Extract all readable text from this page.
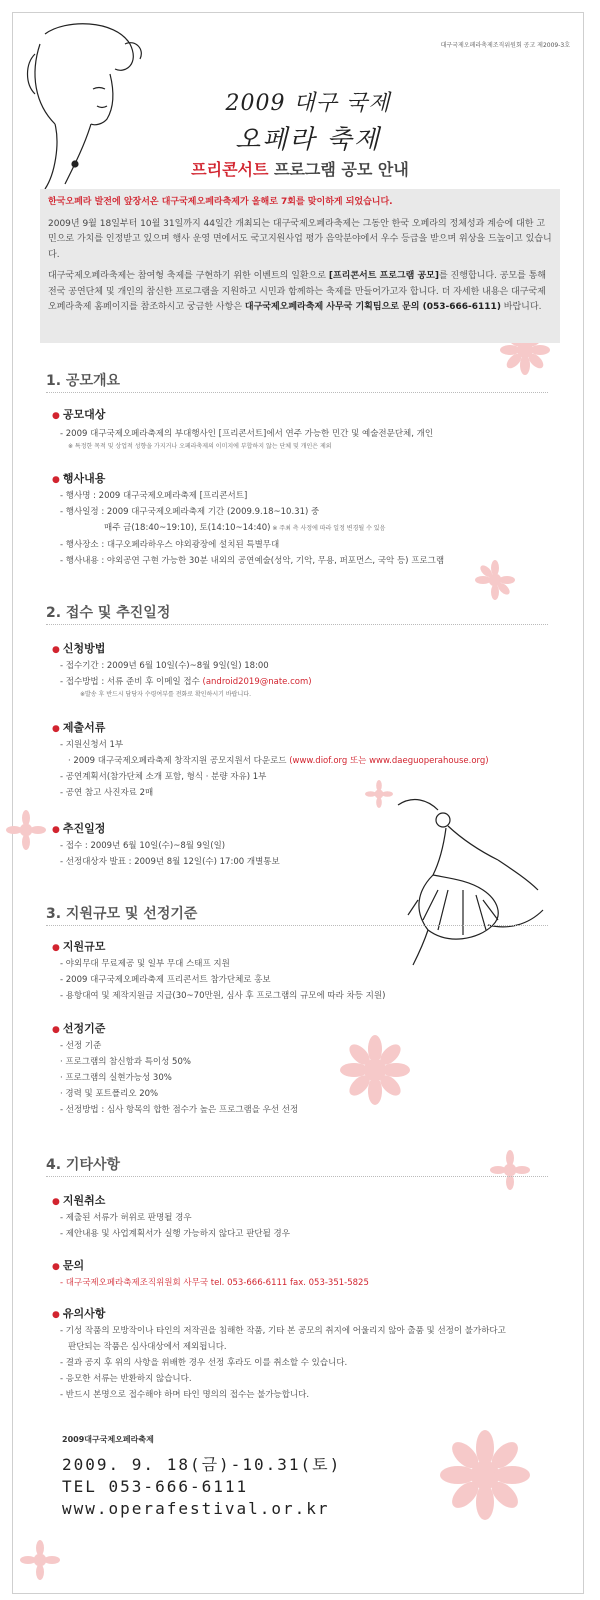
대구국제오페라축제조직위원회 공고 제2009-3호
2009 대구 국제
오페라 축제
프리콘서트 프로그램 공모 안내

한국오페라 발전에 앞장서온 대구국제오페라축제가 올해로 7회를 맞이하게 되었습니다.

2009년 9월 18일부터 10월 31일까지 44일간 개최되는 대구국제오페라축제는 그동안 한국 오페라의 정체성과 계승에 대한 고민으로 가치를 인정받고 있으며 행사 운영 면에서도 국고지원사업 평가 음악분야에서 우수 등급을 받으며 위상을 드높이고 있습니다.

대구국제오페라축제는 참여형 축제를 구현하기 위한 이벤트의 일환으로 [프리콘서트 프로그램 공모]를 진행합니다. 공모를 통해 전국 공연단체 및 개인의 참신한 프로그램을 지원하고 시민과 함께하는 축제를 만들어가고자 합니다. 더 자세한 내용은 대구국제오페라축제 홈페이지를 참조하시고 궁금한 사항은 대구국제오페라축제 사무국 기획팀으로 문의 (053-666-6111) 바랍니다.

1. 공모개요
● 공모대상
- 2009 대구국제오페라축제의 부대행사인 [프리콘서트]에서 연주 가능한 민간 및 예술전문단체, 개인
※ 특정한 목적 및 상업적 성향을 가지거나 오페라축제의 이미지에 부합하지 않는 단체 및 개인은 제외
● 행사내용
- 행사명 : 2009 대구국제오페라축제 [프리콘서트]
- 행사일정 : 2009 대구국제오페라축제 기간 (2009.9.18~10.31) 중
매주 금(18:40~19:10), 토(14:10~14:40) ※ 주최 측 사정에 따라 일정 변경될 수 있음
- 행사장소 : 대구오페라하우스 야외광장에 설치된 특별무대
- 행사내용 : 야외공연 구현 가능한 30분 내외의 공연예술(성악, 기악, 무용, 퍼포먼스, 국악 등) 프로그램
2. 접수 및 추진일정
● 신청방법
- 접수기간 : 2009년 6월 10일(수)~8월 9일(일) 18:00
- 접수방법 : 서류 준비 후 이메일 접수 (android2019@nate.com)
※발송 후 반드시 담당자 수령여부를 전화로 확인하시기 바랍니다.
● 제출서류
- 지원신청서 1부
· 2009 대구국제오페라축제 창작지원 공모지원서 다운로드 (www.diof.org 또는 www.daeguoperahouse.org)
- 공연계획서(참가단체 소개 포함, 형식 · 분량 자유) 1부
- 공연 참고 사진자료 2매
● 추진일정
- 접수 : 2009년 6월 10일(수)~8월 9일(일)
- 선정대상자 발표 : 2009년 8월 12일(수) 17:00 개별통보
3. 지원규모 및 선정기준
● 지원규모
- 야외무대 무료제공 및 일부 무대 스태프 지원
- 2009 대구국제오페라축제 프리콘서트 참가단체로 홍보
- 용항대여 및 제작지원금 지급(30~70만원, 심사 후 프로그램의 규모에 따라 차등 지원)
● 선정기준
- 선정 기준
· 프로그램의 참신함과 특이성 50%
· 프로그램의 실현가능성 30%
· 경력 및 포트폴리오 20%
- 선정방법 : 심사 항목의 합한 점수가 높은 프로그램을 우선 선정
4. 기타사항
● 지원취소
- 제출된 서류가 허위로 판명될 경우
- 제안내용 및 사업계획서가 실행 가능하지 않다고 판단될 경우
● 문의
- 대구국제오페라축제조직위원회 사무국 tel. 053-666-6111 fax. 053-351-5825
● 유의사항
- 기성 작품의 모방작이나 타인의 저작권을 침해한 작품, 기타 본 공모의 취지에 어울리지 않아 출품 및 선정이 불가하다고
판단되는 작품은 심사대상에서 제외됩니다.
- 결과 공지 후 위의 사항을 위배한 경우 선정 후라도 이를 취소할 수 있습니다.
- 응모한 서류는 반환하지 않습니다.
- 반드시 본명으로 접수해야 하며 타인 명의의 접수는 불가능합니다.
2009대구국제오페라축제
2009. 9. 18(금)-10.31(토)
TEL 053-666-6111
www.operafestival.or.kr
